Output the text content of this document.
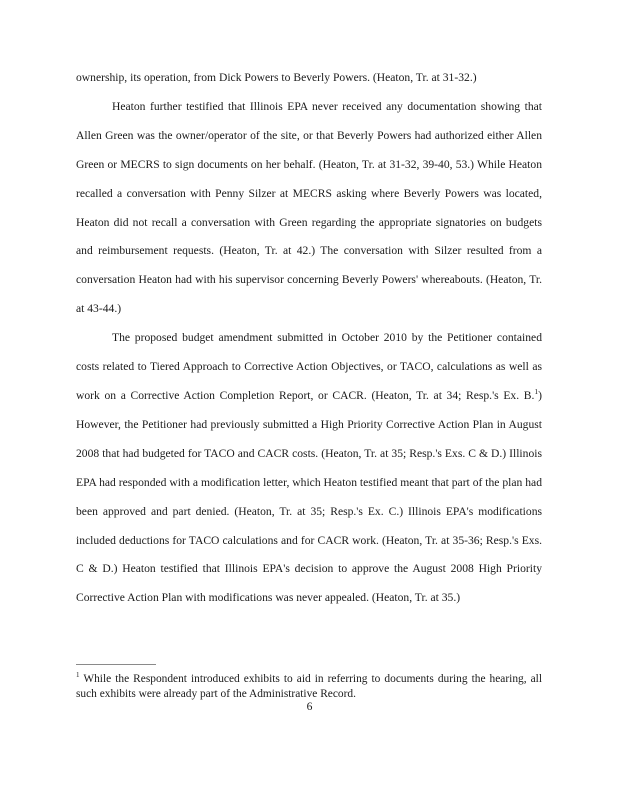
ownership, its operation, from Dick Powers to Beverly Powers. (Heaton, Tr. at 31-32.)

Heaton further testified that Illinois EPA never received any documentation showing that Allen Green was the owner/operator of the site, or that Beverly Powers had authorized either Allen Green or MECRS to sign documents on her behalf. (Heaton, Tr. at 31-32, 39-40, 53.) While Heaton recalled a conversation with Penny Silzer at MECRS asking where Beverly Powers was located, Heaton did not recall a conversation with Green regarding the appropriate signatories on budgets and reimbursement requests. (Heaton, Tr. at 42.) The conversation with Silzer resulted from a conversation Heaton had with his supervisor concerning Beverly Powers' whereabouts. (Heaton, Tr. at 43-44.)

The proposed budget amendment submitted in October 2010 by the Petitioner contained costs related to Tiered Approach to Corrective Action Objectives, or TACO, calculations as well as work on a Corrective Action Completion Report, or CACR. (Heaton, Tr. at 34; Resp.'s Ex. B.$^1$) However, the Petitioner had previously submitted a High Priority Corrective Action Plan in August 2008 that had budgeted for TACO and CACR costs. (Heaton, Tr. at 35; Resp.'s Exs. C & D.) Illinois EPA had responded with a modification letter, which Heaton testified meant that part of the plan had been approved and part denied. (Heaton, Tr. at 35; Resp.'s Ex. C.) Illinois EPA's modifications included deductions for TACO calculations and for CACR work. (Heaton, Tr. at 35-36; Resp.'s Exs. C & D.) Heaton testified that Illinois EPA's decision to approve the August 2008 High Priority Corrective Action Plan with modifications was never appealed. (Heaton, Tr. at 35.)

$^1$ While the Respondent introduced exhibits to aid in referring to documents during the hearing, all such exhibits were already part of the Administrative Record.
6
